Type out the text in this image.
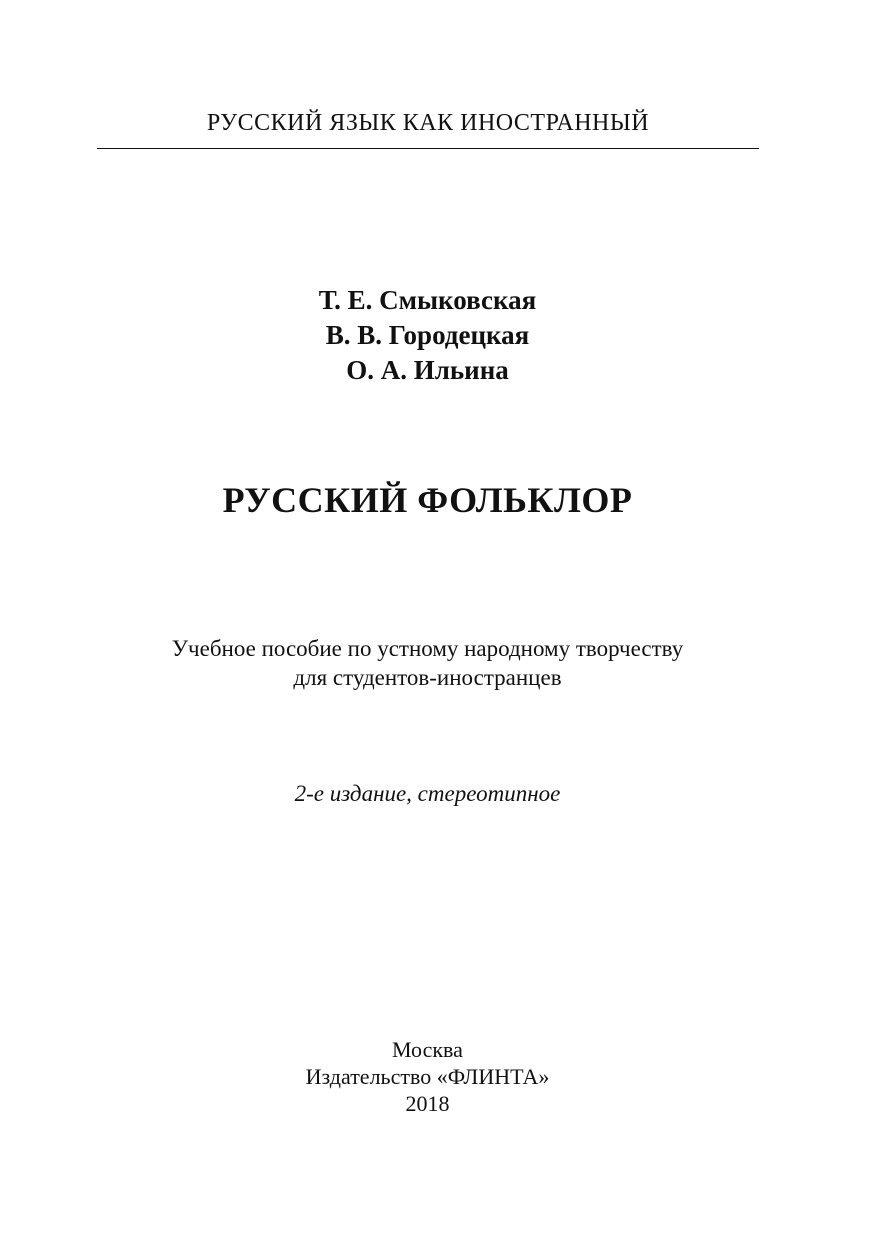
РУССКИЙ ЯЗЫК КАК ИНОСТРАННЫЙ
Т. Е. Смыковская
В. В. Городецкая
О. А. Ильина
РУССКИЙ ФОЛЬКЛОР
Учебное пособие по устному народному творчеству
для студентов-иностранцев
2-е издание, стереотипное
Москва
Издательство «ФЛИНТА»
2018
